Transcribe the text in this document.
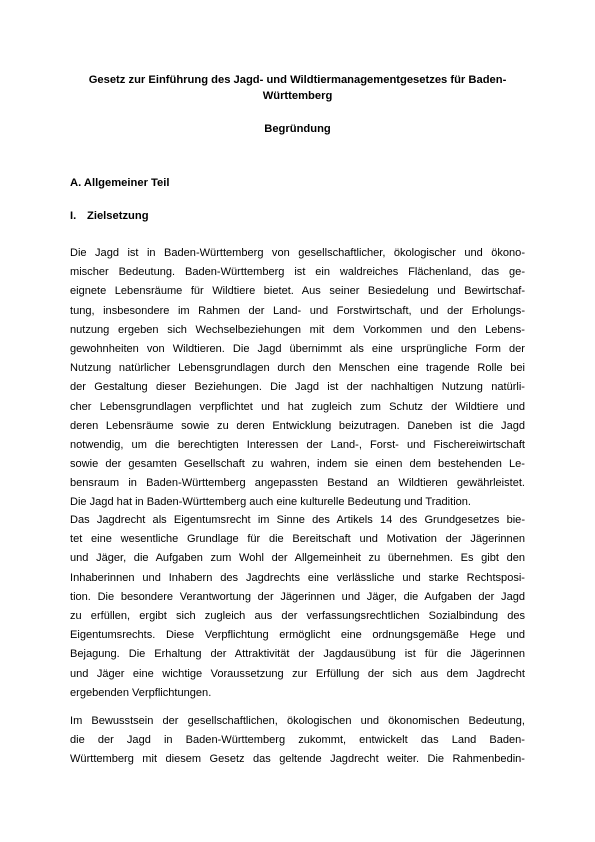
Gesetz zur Einführung des Jagd- und Wildtiermanagementgesetzes für Baden-Württemberg
Begründung
A. Allgemeiner Teil
I. Zielsetzung
Die Jagd ist in Baden-Württemberg von gesellschaftlicher, ökologischer und ökono-
mischer Bedeutung. Baden-Württemberg ist ein waldreiches Flächenland, das ge-
eignete Lebensräume für Wildtiere bietet. Aus seiner Besiedelung und Bewirtschaf-
tung, insbesondere im Rahmen der Land- und Forstwirtschaft, und der Erholungs-
nutzung ergeben sich Wechselbeziehungen mit dem Vorkommen und den Lebens-
gewohnheiten von Wildtieren. Die Jagd übernimmt als eine ursprüngliche Form der
Nutzung natürlicher Lebensgrundlagen durch den Menschen eine tragende Rolle bei
der Gestaltung dieser Beziehungen. Die Jagd ist der nachhaltigen Nutzung natürli-
cher Lebensgrundlagen verpflichtet und hat zugleich zum Schutz der Wildtiere und
deren Lebensräume sowie zu deren Entwicklung beizutragen. Daneben ist die Jagd
notwendig, um die berechtigten Interessen der Land-, Forst- und Fischereiwirtschaft
sowie der gesamten Gesellschaft zu wahren, indem sie einen dem bestehenden Le-
bensraum in Baden-Württemberg angepassten Bestand an Wildtieren gewährleistet.
Die Jagd hat in Baden-Württemberg auch eine kulturelle Bedeutung und Tradition.
Das Jagdrecht als Eigentumsrecht im Sinne des Artikels 14 des Grundgesetzes bie-
tet eine wesentliche Grundlage für die Bereitschaft und Motivation der Jägerinnen
und Jäger, die Aufgaben zum Wohl der Allgemeinheit zu übernehmen. Es gibt den
Inhaberinnen und Inhabern des Jagdrechts eine verlässliche und starke Rechtsposi-
tion. Die besondere Verantwortung der Jägerinnen und Jäger, die Aufgaben der Jagd
zu erfüllen, ergibt sich zugleich aus der verfassungsrechtlichen Sozialbindung des
Eigentumsrechts. Diese Verpflichtung ermöglicht eine ordnungsgemäße Hege und
Bejagung. Die Erhaltung der Attraktivität der Jagdausübung ist für die Jägerinnen
und Jäger eine wichtige Voraussetzung zur Erfüllung der sich aus dem Jagdrecht
ergebenden Verpflichtungen.
Im Bewusstsein der gesellschaftlichen, ökologischen und ökonomischen Bedeutung,
die der Jagd in Baden-Württemberg zukommt, entwickelt das Land Baden-
Württemberg mit diesem Gesetz das geltende Jagdrecht weiter. Die Rahmenbedin-
